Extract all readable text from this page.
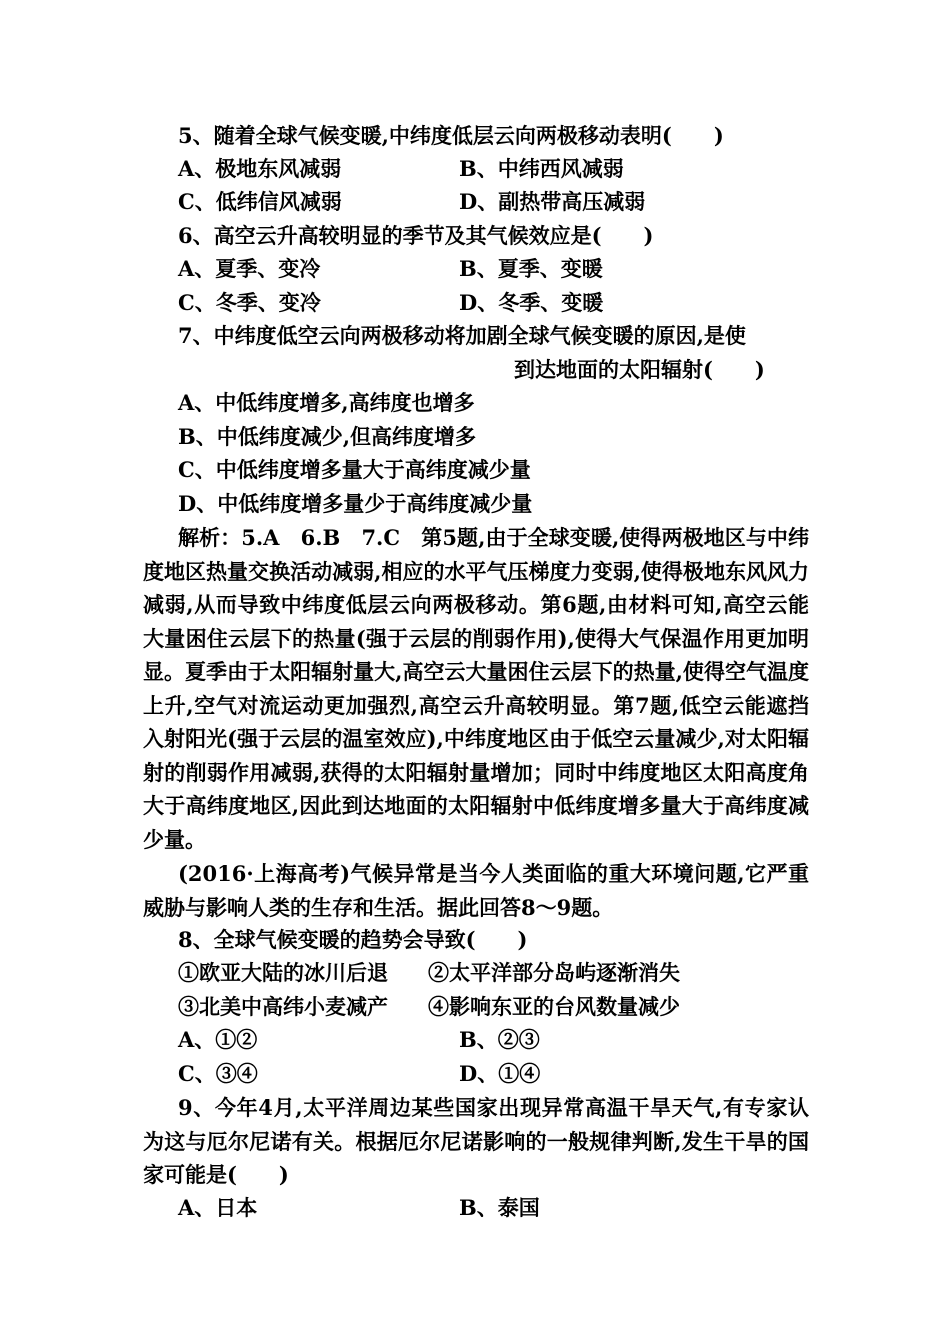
5、随着全球气候变暖,中纬度低层云向两极移动表明(　　)
A、极地东风减弱	B、中纬西风减弱
C、低纬信风减弱	D、副热带高压减弱
6、高空云升高较明显的季节及其气候效应是(　　)
A、夏季、变冷	B、夏季、变暖
C、冬季、变冷	D、冬季、变暖
7、中纬度低空云向两极移动将加剧全球气候变暖的原因,是使
到达地面的太阳辐射(　　)
A、中低纬度增多,高纬度也增多
B、中低纬度减少,但高纬度增多
C、中低纬度增多量大于高纬度减少量
D、中低纬度增多量少于高纬度减少量
解析：5.A　6.B　7.C　第5题,由于全球变暖,使得两极地区与中纬度地区热量交换活动减弱,相应的水平气压梯度力变弱,使得极地东风风力减弱,从而导致中纬度低层云向两极移动。第6题,由材料可知,高空云能大量困住云层下的热量(强于云层的削弱作用),使得大气保温作用更加明显。夏季由于太阳辐射量大,高空云大量困住云层下的热量,使得空气温度上升,空气对流运动更加强烈,高空云升高较明显。第7题,低空云能遮挡入射阳光(强于云层的温室效应),中纬度地区由于低空云量减少,对太阳辐射的削弱作用减弱,获得的太阳辐射量增加；同时中纬度地区太阳高度角大于高纬度地区,因此到达地面的太阳辐射中低纬度增多量大于高纬度减少量。
(2016·上海高考)气候异常是当今人类面临的重大环境问题,它严重威胁与影响人类的生存和生活。据此回答8～9题。
8、全球气候变暖的趋势会导致(　　)
①欧亚大陆的冰川后退 ②太平洋部分岛屿逐渐消失
③北美中高纬小麦减产 ④影响东亚的台风数量减少
A、①②	B、②③
C、③④	D、①④
9、今年4月,太平洋周边某些国家出现异常高温干旱天气,有专家认为这与厄尔尼诺有关。根据厄尔尼诺影响的一般规律判断,发生干旱的国家可能是(　　)
A、日本	B、泰国
